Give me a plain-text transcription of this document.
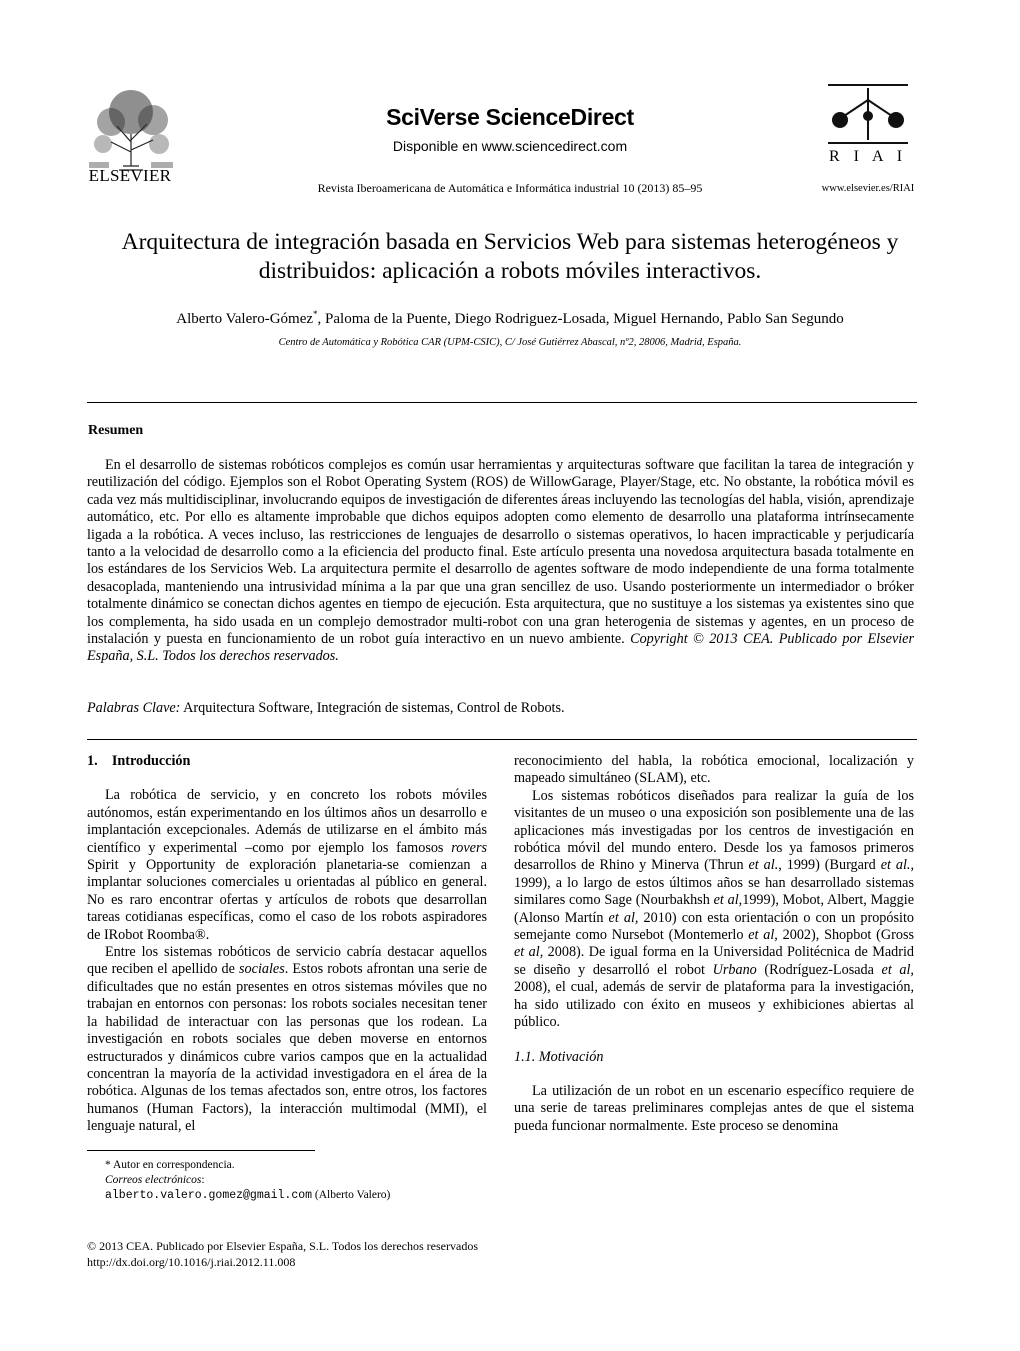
ELSEVIER
SciVerse ScienceDirect
Disponible en www.sciencedirect.com
Revista Iberoamericana de Automática e Informática industrial 10 (2013) 85–95
R I A I
www.elsevier.es/RIAI
Arquitectura de integración basada en Servicios Web para sistemas heterogéneos y
distribuidos: aplicación a robots móviles interactivos.
Alberto Valero-Gómez*, Paloma de la Puente, Diego Rodriguez-Losada, Miguel Hernando, Pablo San Segundo
Centro de Automática y Robótica CAR (UPM-CSIC), C/ José Gutiérrez Abascal, nº2, 28006, Madrid, España.
Resumen

En el desarrollo de sistemas robóticos complejos es común usar herramientas y arquitecturas software que facilitan la tarea de integración y reutilización del código. Ejemplos son el Robot Operating System (ROS) de WillowGarage, Player/Stage, etc. No obstante, la robótica móvil es cada vez más multidisciplinar, involucrando equipos de investigación de diferentes áreas incluyendo las tecnologías del habla, visión, aprendizaje automático, etc. Por ello es altamente improbable que dichos equipos adopten como elemento de desarrollo una plataforma intrínsecamente ligada a la robótica. A veces incluso, las restricciones de lenguajes de desarrollo o sistemas operativos, lo hacen impracticable y perjudicaría tanto a la velocidad de desarrollo como a la eficiencia del producto final. Este artículo presenta una novedosa arquitectura basada totalmente en los estándares de los Servicios Web. La arquitectura permite el desarrollo de agentes software de modo independiente de una forma totalmente desacoplada, manteniendo una intrusividad mínima a la par que una gran sencillez de uso. Usando posteriormente un intermediador o bróker totalmente dinámico se conectan dichos agentes en tiempo de ejecución. Esta arquitectura, que no sustituye a los sistemas ya existentes sino que los complementa, ha sido usada en un complejo demostrador multi-robot con una gran heterogenia de sistemas y agentes, en un proceso de instalación y puesta en funcionamiento de un robot guía interactivo en un nuevo ambiente. Copyright © 2013 CEA. Publicado por Elsevier España, S.L. Todos los derechos reservados.

Palabras Clave: Arquitectura Software, Integración de sistemas, Control de Robots.
1.    Introducción

La robótica de servicio, y en concreto los robots móviles autónomos, están experimentando en los últimos años un desarrollo e implantación excepcionales. Además de utilizarse en el ámbito más científico y experimental –como por ejemplo los famosos rovers Spirit y Opportunity de exploración planetaria-se comienzan a implantar soluciones comerciales u orientadas al público en general. No es raro encontrar ofertas y artículos de robots que desarrollan tareas cotidianas específicas, como el caso de los robots aspiradores de IRobot Roomba®.

Entre los sistemas robóticos de servicio cabría destacar aquellos que reciben el apellido de sociales. Estos robots afrontan una serie de dificultades que no están presentes en otros sistemas móviles que no trabajan en entornos con personas: los robots sociales necesitan tener la habilidad de interactuar con las personas que los rodean. La investigación en robots sociales que deben moverse en entornos estructurados y dinámicos cubre varios campos que en la actualidad concentran la mayoría de la actividad investigadora en el área de la robótica. Algunas de los temas afectados son, entre otros, los factores humanos (Human Factors), la interacción multimodal (MMI), el lenguaje natural, el

reconocimiento del habla, la robótica emocional, localización y mapeado simultáneo (SLAM), etc.

Los sistemas robóticos diseñados para realizar la guía de los visitantes de un museo o una exposición son posiblemente una de las aplicaciones más investigadas por los centros de investigación en robótica móvil del mundo entero. Desde los ya famosos primeros desarrollos de Rhino y Minerva (Thrun et al., 1999) (Burgard et al., 1999), a lo largo de estos últimos años se han desarrollado sistemas similares como Sage (Nourbakhsh et al,1999), Mobot, Albert, Maggie (Alonso Martín et al, 2010) con esta orientación o con un propósito semejante como Nursebot (Montemerlo et al, 2002), Shopbot (Gross et al, 2008). De igual forma en la Universidad Politécnica de Madrid se diseño y desarrolló el robot Urbano (Rodríguez-Losada et al, 2008), el cual, además de servir de plataforma para la investigación, ha sido utilizado con éxito en museos y exhibiciones abiertas al público.

1.1. Motivación

La utilización de un robot en un escenario específico requiere de una serie de tareas preliminares complejas antes de que el sistema pueda funcionar normalmente. Este proceso se denomina

* Autor en correspondencia.
Correos electrónicos:
alberto.valero.gomez@gmail.com (Alberto Valero)
© 2013 CEA. Publicado por Elsevier España, S.L. Todos los derechos reservados
http://dx.doi.org/10.1016/j.riai.2012.11.008
